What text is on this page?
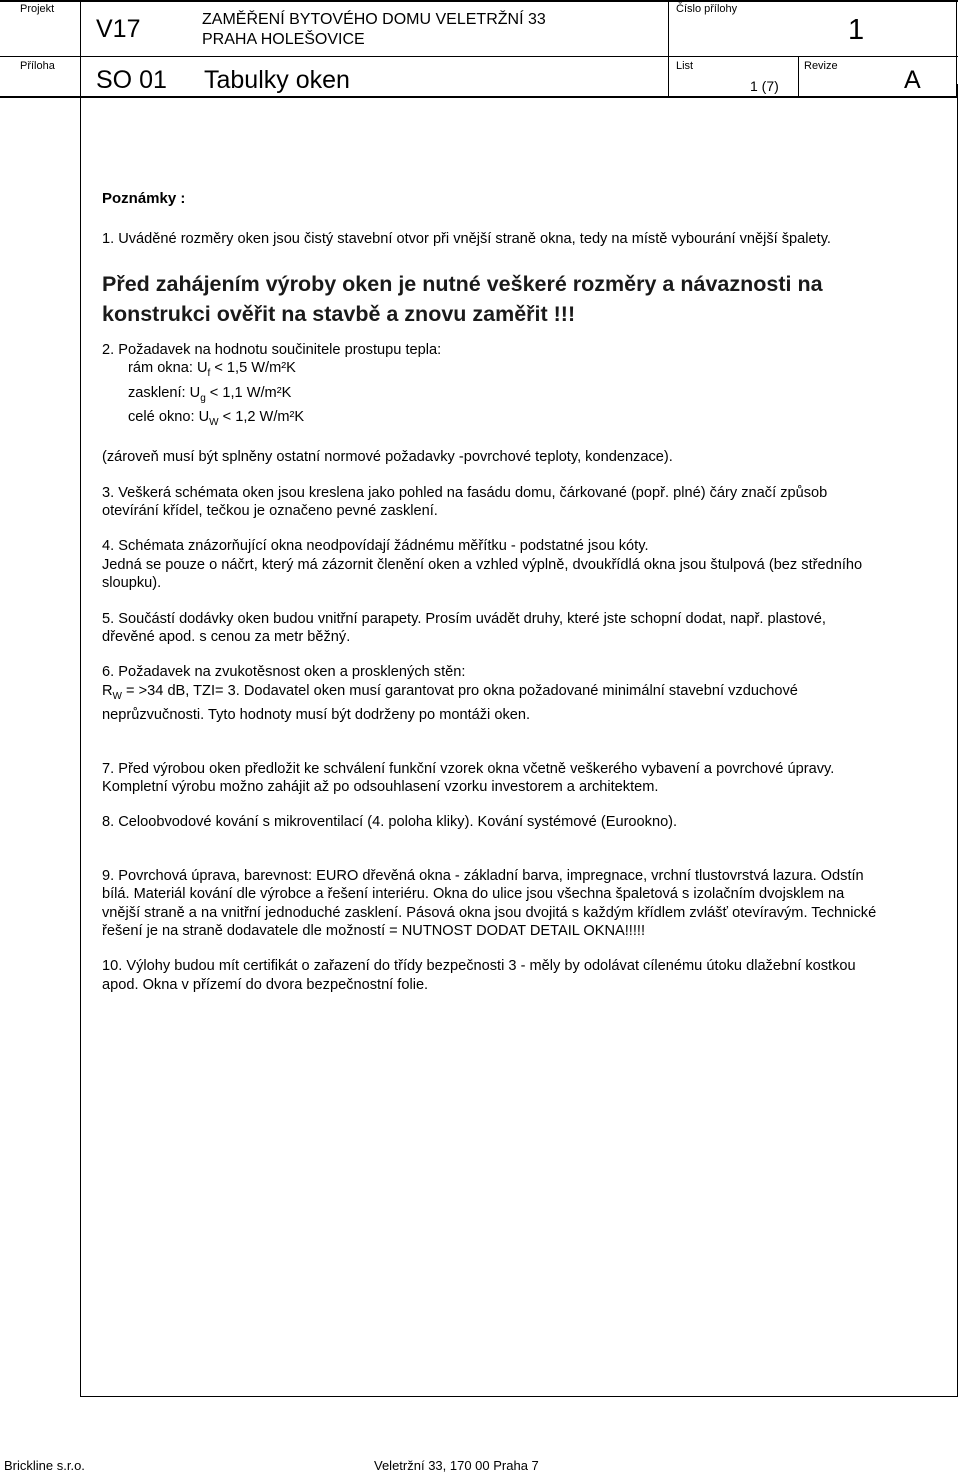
Projekt
V17	ZAMĚŘENÍ BYTOVÉHO DOMU VELETRŽNÍ 33
PRAHA HOLEŠOVICE
Číslo přílohy
1
Příloha SO 01 Tabulky oken	List
1 (7)
Revize	A

Poznámky :

1. Uváděné rozměry oken jsou čistý stavební otvor při vnější straně okna, tedy na místě vybourání vnější špalety.

Před zahájením výroby oken je nutné veškeré rozměry a návaznosti na konstrukci ověřit na stavbě a znovu zaměřit !!!

2. Požadavek na hodnotu součinitele prostupu tepla:

rám okna: $U_f < 1,5$ W/m²K

zasklení: $U_g < 1,1$ W/m²K

celé okno: $U_W < 1,2$ W/m²K

(zároveň musí být splněny ostatní normové požadavky -povrchové teploty, kondenzace).

3. Veškerá schémata oken jsou kreslena jako pohled na fasádu domu, čárkované (popř. plné) čáry značí způsob otevírání křídel, tečkou je označeno pevné zasklení.

4. Schémata znázorňující okna neodpovídají žádnému měřítku - podstatné jsou kóty.

Jedná se pouze o náčrt, který má zázornit členění oken a vzhled výplně, dvoukřídlá okna jsou štulpová (bez středního sloupku).

5. Součástí dodávky oken budou vnitřní parapety. Prosím uvádět druhy, které jste schopní dodat, např. plastové, dřevěné apod. s cenou za metr běžný.

6. Požadavek na zvukotěsnost oken a prosklených stěn:

$R_W = >34$ dB, TZI= 3. Dodavatel oken musí garantovat pro okna požadované minimální stavební vzduchové neprůzvučnosti. Tyto hodnoty musí být dodrženy po montáži oken.

7. Před výrobou oken předložit ke schválení funkční vzorek okna včetně veškerého vybavení a povrchové úpravy. Kompletní výrobu možno zahájit až po odsouhlasení vzorku investorem a architektem.

8. Celoobvodové kování s mikroventilací (4. poloha kliky). Kování systémové (Eurookno).

9. Povrchová úprava, barevnost: EURO dřevěná okna - základní barva, impregnace, vrchní tlustovrstvá lazura. Odstín bílá. Materiál kování dle výrobce a řešení interiéru. Okna do ulice jsou všechna špaletová s izolačním dvojsklem na vnější straně a na vnitřní jednoduché zasklení. Pásová okna jsou dvojitá s každým křídlem zvlášť otevíravým. Technické řešení je na straně dodavatele dle možností = NUTNOST DODAT DETAIL OKNA!!!!!

10. Výlohy budou mít certifikát o zařazení do třídy bezpečnosti 3 - měly by odolávat cílenému útoku dlažební kostkou apod. Okna v přízemí do dvora bezpečnostní folie.

Brickline s.r.o.	Veletržní 33, 170 00 Praha 7
